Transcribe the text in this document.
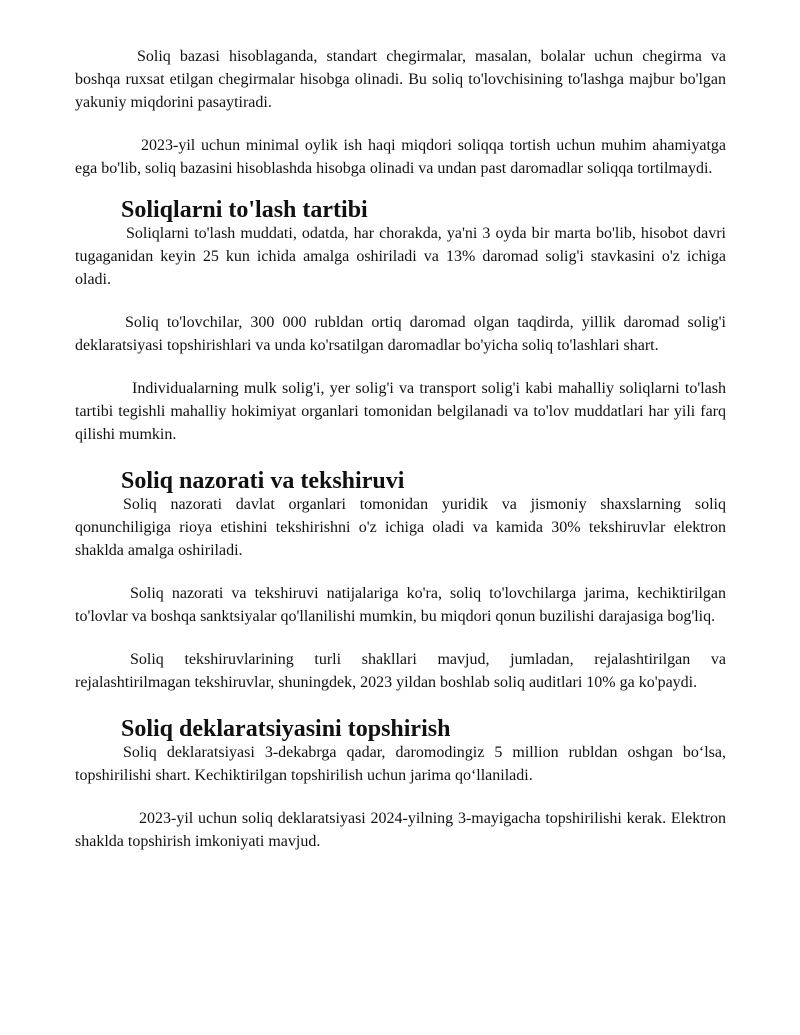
Soliq bazasi hisoblaganda, standart chegirmalar, masalan, bolalar uchun chegirma va boshqa ruxsat etilgan chegirmalar hisobga olinadi. Bu soliq to'lovchisining to'lashga majbur bo'lgan yakuniy miqdorini pasaytiradi.

2023-yil uchun minimal oylik ish haqi miqdori soliqqa tortish uchun muhim ahamiyatga ega bo'lib, soliq bazasini hisoblashda hisobga olinadi va undan past daromadlar soliqqa tortilmaydi.

Soliqlarni to'lash tartibi

Soliqlarni to'lash muddati, odatda, har chorakda, ya'ni 3 oyda bir marta bo'lib, hisobot davri tugaganidan keyin 25 kun ichida amalga oshiriladi va 13% daromad solig'i stavkasini o'z ichiga oladi.

Soliq to'lovchilar, 300 000 rubldan ortiq daromad olgan taqdirda, yillik daromad solig'i deklaratsiyasi topshirishlari va unda ko'rsatilgan daromadlar bo'yicha soliq to'lashlari shart.

Individualarning mulk solig'i, yer solig'i va transport solig'i kabi mahalliy soliqlarni to'lash tartibi tegishli mahalliy hokimiyat organlari tomonidan belgilanadi va to'lov muddatlari har yili farq qilishi mumkin.

Soliq nazorati va tekshiruvi

Soliq nazorati davlat organlari tomonidan yuridik va jismoniy shaxslarning soliq qonunchiligiga rioya etishini tekshirishni o'z ichiga oladi va kamida 30% tekshiruvlar elektron shaklda amalga oshiriladi.

Soliq nazorati va tekshiruvi natijalariga ko'ra, soliq to'lovchilarga jarima, kechiktirilgan to'lovlar va boshqa sanktsiyalar qo'llanilishi mumkin, bu miqdori qonun buzilishi darajasiga bog'liq.

Soliq tekshiruvlarining turli shakllari mavjud, jumladan, rejalashtirilgan va rejalashtirilmagan tekshiruvlar, shuningdek, 2023 yildan boshlab soliq auditlari 10% ga ko'paydi.

Soliq deklaratsiyasini topshirish

Soliq deklaratsiyasi 3-dekabrga qadar, daromodingiz 5 million rubldan oshgan bo‘lsa, topshirilishi shart. Kechiktirilgan topshirilish uchun jarima qo‘llaniladi.

2023-yil uchun soliq deklaratsiyasi 2024-yilning 3-mayigacha topshirilishi kerak. Elektron shaklda topshirish imkoniyati mavjud.
